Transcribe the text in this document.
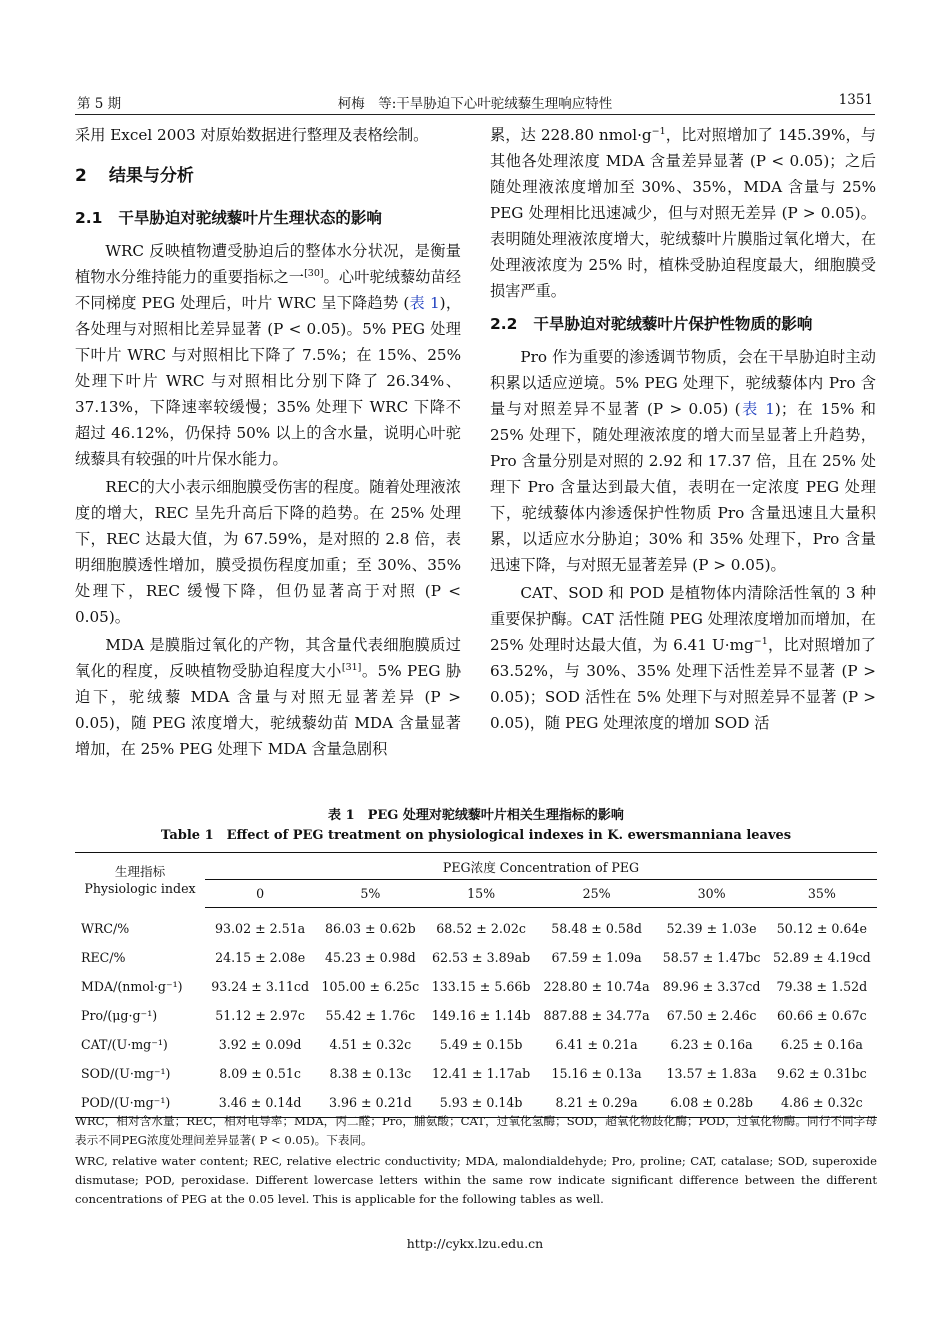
第 5 期	柯梅　等:干旱胁迫下心叶驼绒藜生理响应特性	1351

采用 Excel 2003 对原始数据进行整理及表格绘制。

2 结果与分析
2.1 干旱胁迫对驼绒藜叶片生理状态的影响

WRC 反映植物遭受胁迫后的整体水分状况，是衡量植物水分维持能力的重要指标之一[30]。心叶驼绒藜幼苗经不同梯度 PEG 处理后，叶片 WRC 呈下降趋势 (表 1)，各处理与对照相比差异显著 (P < 0.05)。5% PEG 处理下叶片 WRC 与对照相比下降了 7.5%；在 15%、25% 处理下叶片 WRC 与对照相比分别下降了 26.34%、37.13%，下降速率较缓慢；35% 处理下 WRC 下降不超过 46.12%，仍保持 50% 以上的含水量，说明心叶驼绒藜具有较强的叶片保水能力。

REC的大小表示细胞膜受伤害的程度。随着处理液浓度的增大，REC 呈先升高后下降的趋势。在 25% 处理下，REC 达最大值，为 67.59%，是对照的 2.8 倍，表明细胞膜透性增加，膜受损伤程度加重；至 30%、35%处理下，REC 缓慢下降，但仍显著高于对照 (P < 0.05)。

MDA 是膜脂过氧化的产物，其含量代表细胞膜质过氧化的程度，反映植物受胁迫程度大小[31]。5% PEG 胁迫下，驼绒藜 MDA 含量与对照无显著差异 (P > 0.05)，随 PEG 浓度增大，驼绒藜幼苗 MDA 含量显著增加，在 25% PEG 处理下 MDA 含量急剧积

累，达 228.80 $nmol\cdot g^{-1}$，比对照增加了 145.39%，与其他各处理浓度 MDA 含量差异显著 (P < 0.05)；之后随处理液浓度增加至 30%、35%，MDA 含量与 25% PEG 处理相比迅速减少，但与对照无差异 (P > 0.05)。表明随处理液浓度增大，驼绒藜叶片膜脂过氧化增大，在处理液浓度为 25% 时，植株受胁迫程度最大，细胞膜受损害严重。

2.2 干旱胁迫对驼绒藜叶片保护性物质的影响

Pro 作为重要的渗透调节物质，会在干旱胁迫时主动积累以适应逆境。5% PEG 处理下，驼绒藜体内 Pro 含量与对照差异不显著 (P > 0.05) (表 1)；在 15% 和 25% 处理下，随处理液浓度的增大而呈显著上升趋势，Pro 含量分别是对照的 2.92 和 17.37 倍，且在 25% 处理下 Pro 含量达到最大值，表明在一定浓度 PEG 处理下，驼绒藜体内渗透保护性物质 Pro 含量迅速且大量积累，以适应水分胁迫；30% 和 35% 处理下，Pro 含量迅速下降，与对照无显著差异 (P > 0.05)。

CAT、SOD 和 POD 是植物体内清除活性氧的 3 种重要保护酶。CAT 活性随 PEG 处理浓度增加而增加，在 25% 处理时达最大值，为 6.41 $U\cdot mg^{-1}$，比对照增加了 63.52%，与 30%、35% 处理下活性差异不显著 (P > 0.05)；SOD 活性在 5% 处理下与对照差异不显著 (P > 0.05)，随 PEG 处理浓度的增加 SOD 活

表 1　PEG 处理对驼绒藜叶片相关生理指标的影响
Table 1　Effect of PEG treatment on physiological indexes in K. ewersmanniana leaves
生理指标
Physiologic index	PEG浓度 Concentration of PEG					
	0	5%	15%	25%	30%	35%
WRC/%	93.02 ± 2.51a	86.03 ± 0.62b	68.52 ± 2.02c	58.48 ± 0.58d	52.39 ± 1.03e	50.12 ± 0.64e
REC/%	24.15 ± 2.08e	45.23 ± 0.98d	62.53 ± 3.89ab	67.59 ± 1.09a	58.57 ± 1.47bc	52.89 ± 4.19cd
MDA/(nmol·g⁻¹)	93.24 ± 3.11cd	105.00 ± 6.25c	133.15 ± 5.66b	228.80 ± 10.74a	89.96 ± 3.37cd	79.38 ± 1.52d
Pro/(μg·g⁻¹)	51.12 ± 2.97c	55.42 ± 1.76c	149.16 ± 1.14b	887.88 ± 34.77a	67.50 ± 2.46c	60.66 ± 0.67c
CAT/(U·mg⁻¹)	3.92 ± 0.09d	4.51 ± 0.32c	5.49 ± 0.15b	6.41 ± 0.21a	6.23 ± 0.16a	6.25 ± 0.16a
SOD/(U·mg⁻¹)	8.09 ± 0.51c	8.38 ± 0.13c	12.41 ± 1.17ab	15.16 ± 0.13a	13.57 ± 1.83a	9.62 ± 0.31bc
POD/(U·mg⁻¹)	3.46 ± 0.14d	3.96 ± 0.21d	5.93 ± 0.14b	8.21 ± 0.29a	6.08 ± 0.28b	4.86 ± 0.32c

WRC，相对含水量；REC，相对电导率；MDA，丙二醛；Pro，脯氨酸；CAT，过氧化氢酶；SOD，超氧化物歧化酶；POD，过氧化物酶。同行不同字母表示不同PEG浓度处理间差异显著( P < 0.05)。下表同。

WRC, relative water content; REC, relative electric conductivity; MDA, malondialdehyde; Pro, proline; CAT, catalase; SOD, superoxide dismutase; POD, peroxidase. Different lowercase letters within the same row indicate significant difference between the different concentrations of PEG at the 0.05 level. This is applicable for the following tables as well.

http://cykx.lzu.edu.cn
